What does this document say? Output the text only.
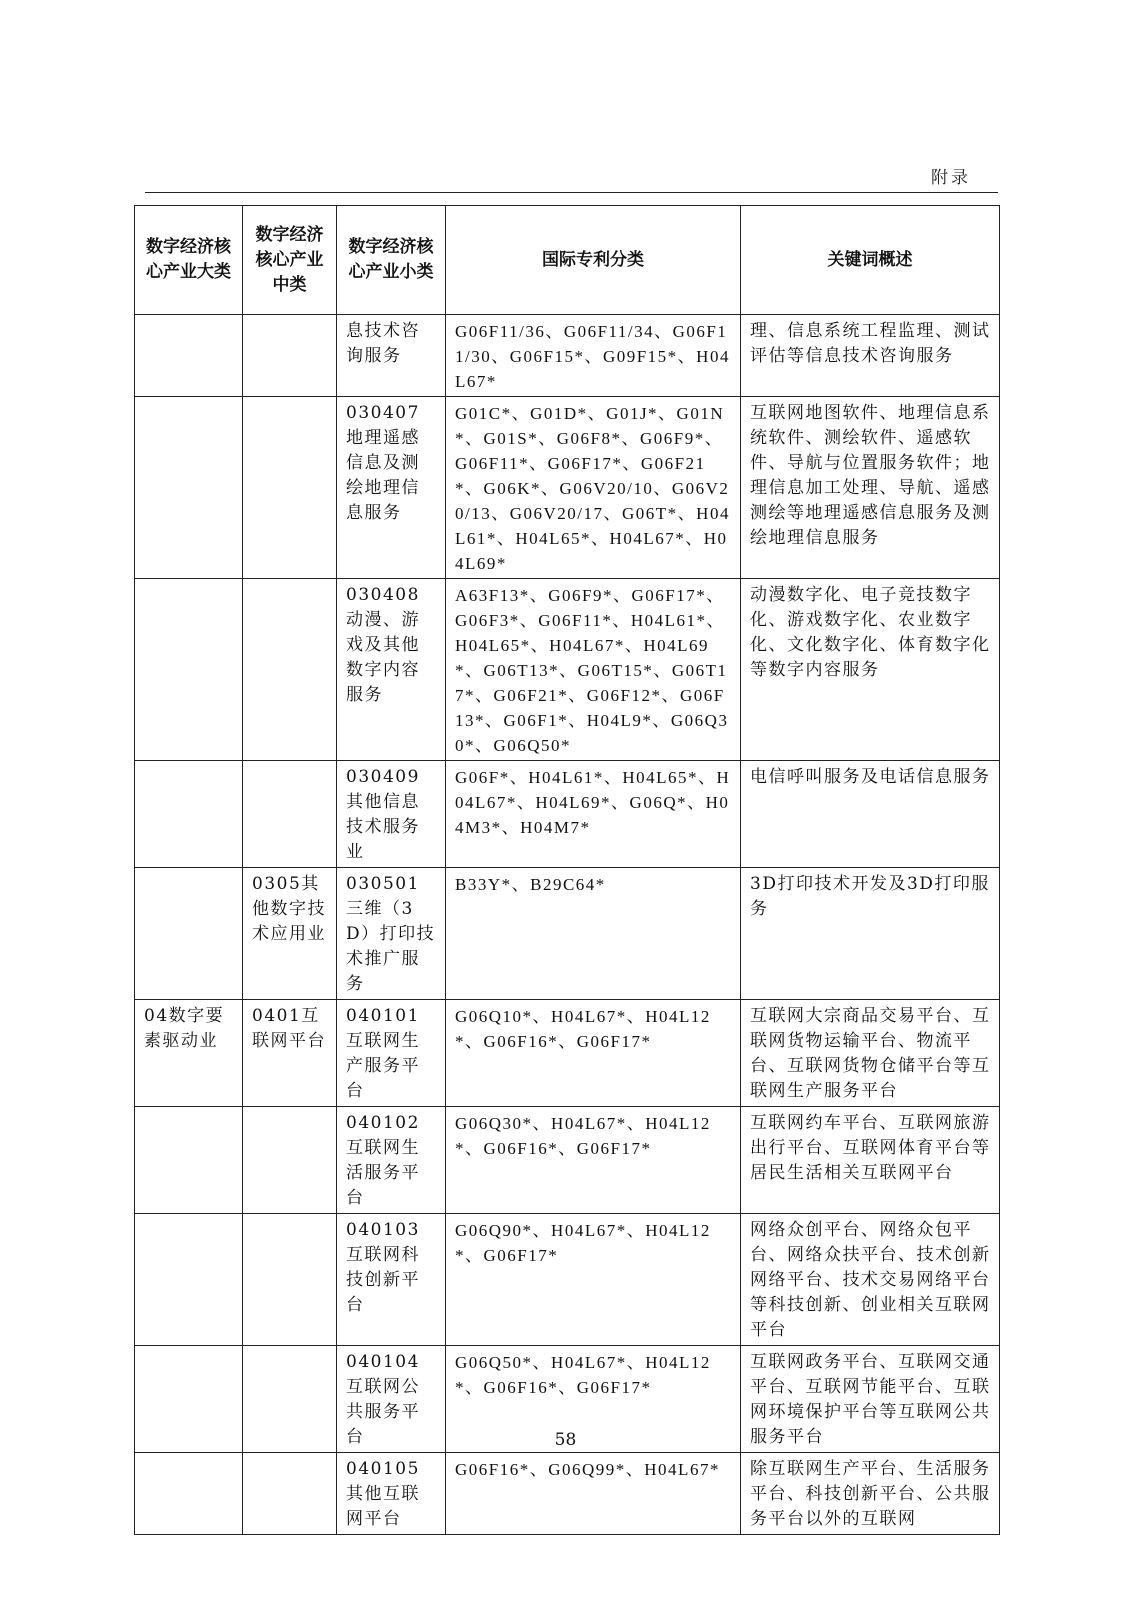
附录
数字经济核心产业大类	数字经济核心产业中类	数字经济核心产业小类	国际专利分类	关键词概述
		息技术咨询服务	G06F11/36、G06F11/34、G06F11/30、G06F15*、G09F15*、H04L67*	理、信息系统工程监理、测试评估等信息技术咨询服务
		030407地理遥感信息及测绘地理信息服务	G01C*、G01D*、G01J*、G01N*、G01S*、G06F8*、G06F9*、G06F11*、G06F17*、G06F21*、G06K*、G06V20/10、G06V20/13、G06V20/17、G06T*、H04L61*、H04L65*、H04L67*、H04L69*	互联网地图软件、地理信息系统软件、测绘软件、遥感软件、导航与位置服务软件；地理信息加工处理、导航、遥感测绘等地理遥感信息服务及测绘地理信息服务
		030408动漫、游戏及其他数字内容服务	A63F13*、G06F9*、G06F17*、G06F3*、G06F11*、H04L61*、H04L65*、H04L67*、H04L69*、G06T13*、G06T15*、G06T17*、G06F21*、G06F12*、G06F13*、G06F1*、H04L9*、G06Q30*、G06Q50*	动漫数字化、电子竞技数字化、游戏数字化、农业数字化、文化数字化、体育数字化等数字内容服务
		030409其他信息技术服务业	G06F*、H04L61*、H04L65*、H04L67*、H04L69*、G06Q*、H04M3*、H04M7*	电信呼叫服务及电话信息服务
	0305其他数字技术应用业	030501三维（3D）打印技术推广服务	B33Y*、B29C64*	3D打印技术开发及3D打印服务
04数字要素驱动业	0401互联网平台	040101互联网生产服务平台	G06Q10*、H04L67*、H04L12*、G06F16*、G06F17*	互联网大宗商品交易平台、互联网货物运输平台、物流平台、互联网货物仓储平台等互联网生产服务平台
		040102互联网生活服务平台	G06Q30*、H04L67*、H04L12*、G06F16*、G06F17*	互联网约车平台、互联网旅游出行平台、互联网体育平台等居民生活相关互联网平台
		040103互联网科技创新平台	G06Q90*、H04L67*、H04L12*、G06F17*	网络众创平台、网络众包平台、网络众扶平台、技术创新网络平台、技术交易网络平台等科技创新、创业相关互联网平台
		040104互联网公共服务平台	G06Q50*、H04L67*、H04L12*、G06F16*、G06F17*	互联网政务平台、互联网交通平台、互联网节能平台、互联网环境保护平台等互联网公共服务平台
		040105其他互联网平台	G06F16*、G06Q99*、H04L67*	除互联网生产平台、生活服务平台、科技创新平台、公共服务平台以外的互联网
58
